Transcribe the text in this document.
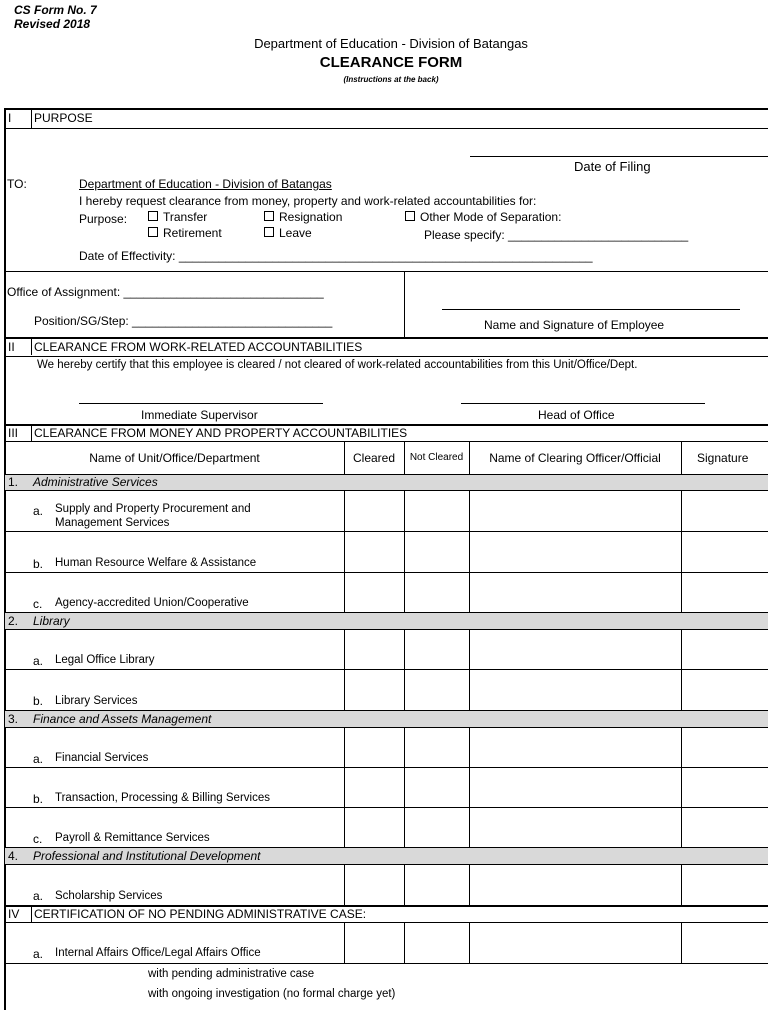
CS Form No. 7
Revised 2018
Department of Education - Division of Batangas
CLEARANCE FORM
(Instructions at the back)
I PURPOSE
Date of Filing
TO:	Department of Education - Division of Batangas
I hereby request clearance from money, property and work-related accountabilities for:
Purpose:	Transfer	Resignation	Other Mode of Separation:
Retirement	Leave	Please specify: ___________________________
Date of Effectivity: ______________________________________________________________
Office of Assignment: ______________________________
Position/SG/Step: ______________________________	Name and Signature of Employee
II CLEARANCE FROM WORK-RELATED ACCOUNTABILITIES
We hereby certify that this employee is cleared / not cleared of work-related accountabilities from this Unit/Office/Dept.
Immediate Supervisor	Head of Office
III CLEARANCE FROM MONEY AND PROPERTY ACCOUNTABILITIES
Name of Unit/Office/Department	Cleared	Not Cleared	Name of Clearing Officer/Official	Signature
1. Administrative Services
a. Supply and Property Procurement and
Management Services
b. Human Resource Welfare & Assistance
c. Agency-accredited Union/Cooperative
2. Library
a. Legal Office Library
b. Library Services
3. Finance and Assets Management
a. Financial Services
b. Transaction, Processing & Billing Services
c. Payroll & Remittance Services
4. Professional and Institutional Development
a. Scholarship Services
IV CERTIFICATION OF NO PENDING ADMINISTRATIVE CASE:
a. Internal Affairs Office/Legal Affairs Office
with pending administrative case
with ongoing investigation (no formal charge yet)
